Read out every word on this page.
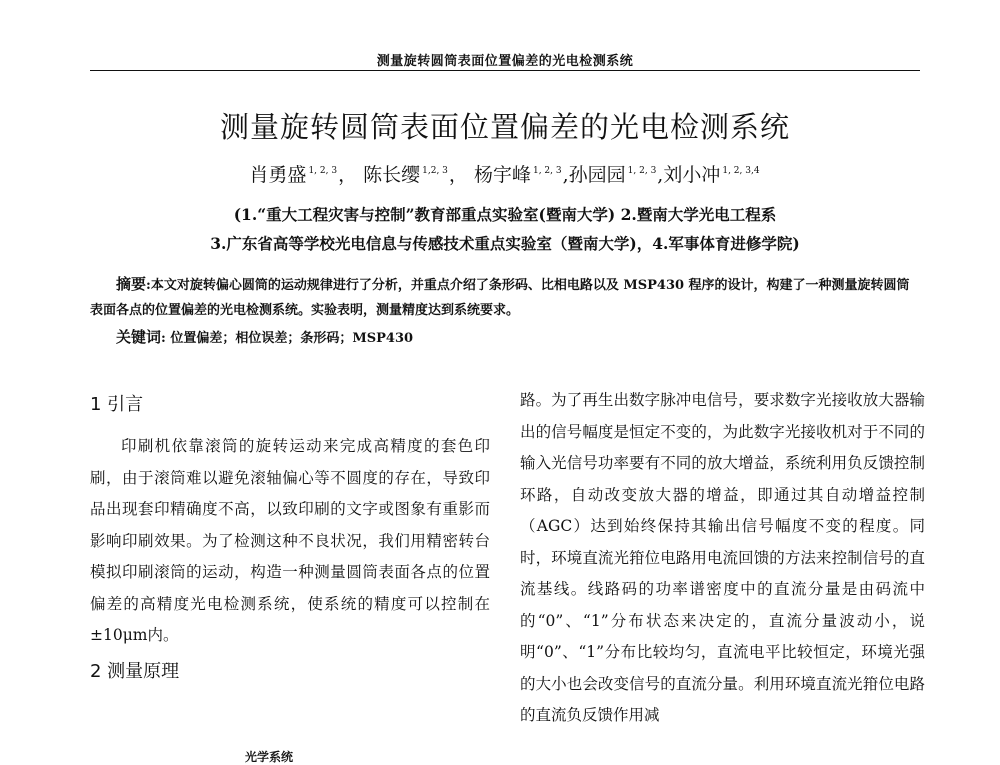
测量旋转圆筒表面位置偏差的光电检测系统
测量旋转圆筒表面位置偏差的光电检测系统
肖勇盛 $^{1, 2, 3}$， 陈长缨 $^{1,2, 3}$， 杨宇峰 $^{1, 2, 3}$,孙园园 $^{1, 2, 3}$,刘小冲 $^{1, 2, 3,4}$
(1.“重大工程灾害与控制”教育部重点实验室(暨南大学) 2.暨南大学光电工程系
3.广东省高等学校光电信息与传感技术重点实验室（暨南大学)，4.军事体育进修学院)
摘要:本文对旋转偏心圆筒的运动规律进行了分析，并重点介绍了条形码、比相电路以及 MSP430 程序的设计，构建了一种测量旋转圆筒表面各点的位置偏差的光电检测系统。实验表明，测量精度达到系统要求。
关键词: 位置偏差；相位误差；条形码；MSP430
1 引言

印刷机依靠滚筒的旋转运动来完成高精度的套色印刷，由于滚筒难以避免滚轴偏心等不圆度的存在，导致印品出现套印精确度不高，以致印刷的文字或图象有重影而影响印刷效果。为了检测这种不良状况，我们用精密转台模拟印刷滚筒的运动，构造一种测量圆筒表面各点的位置偏差的高精度光电检测系统，使系统的精度可以控制在±10μm内。

2 测量原理
光学系统

路。为了再生出数字脉冲电信号，要求数字光接收放大器输出的信号幅度是恒定不变的，为此数字光接收机对于不同的输入光信号功率要有不同的放大增益，系统利用负反馈控制环路，自动改变放大器的增益，即通过其自动增益控制（AGC）达到始终保持其输出信号幅度不变的程度。同时，环境直流光箝位电路用电流回馈的方法来控制信号的直流基线。线路码的功率谱密度中的直流分量是由码流中的“0”、“1”分布状态来决定的，直流分量波动小，说明“0”、“1”分布比较均匀，直流电平比较恒定，环境光强的大小也会改变信号的直流分量。利用环境直流光箝位电路的直流负反馈作用减
